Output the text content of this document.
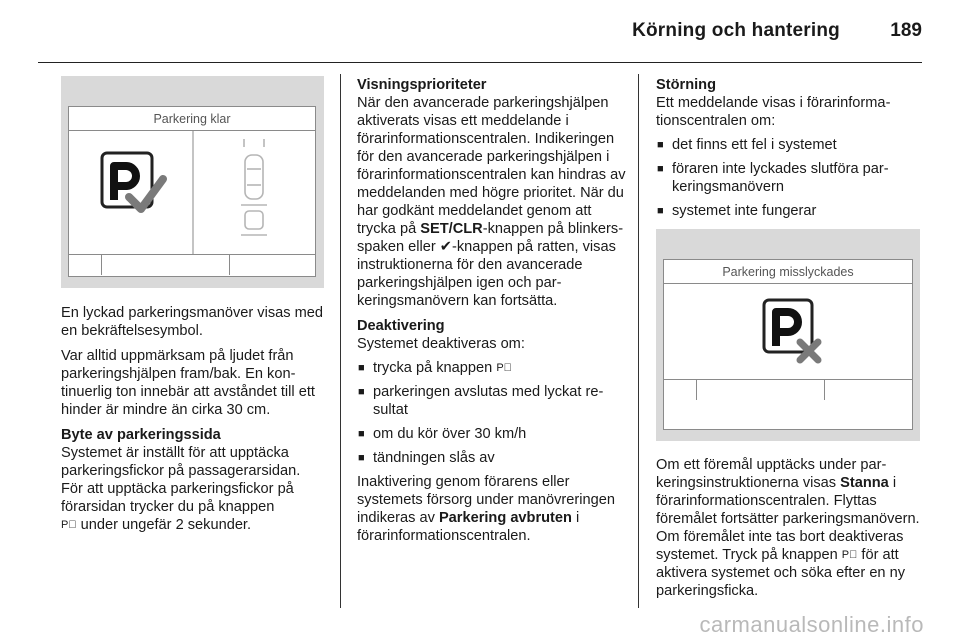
Körning och hantering	189
Parkering klar

En lyckad parkeringsmanöver visas med en bekräftelsesymbol.

Var alltid uppmärksam på ljudet från parkeringshjälpen fram/bak. En kontinuerlig ton innebär att avståndet till ett hinder är mindre än cirka 30 cm.

Byte av parkeringssida

Systemet är inställt för att upptäcka parkeringsfickor på passagerarsidan. För att upptäcka parkeringsfickor på förarsidan trycker du på knappen
P⃞ under ungefär 2 sekunder.

Visningsprioriteter

När den avancerade parkeringshjälpen aktiverats visas ett meddelande i förarinformationscentralen. Indikeringen för den avancerade parkeringshjälpen i förarinformationscentralen kan hindras av meddelanden med högre prioritet. När du har godkänt meddelandet genom att trycka på SET/CLR-knappen på blinkersspaken eller ✔-knappen på ratten, visas instruktionerna för den avancerade parkeringshjälpen igen och parkeringsmanövern kan fortsätta.

Deaktivering

Systemet deaktiveras om:

■ trycka på knappen P⃞
■ parkeringen avslutas med lyckat resultat
■ om du kör över 30 km/h
■ tändningen slås av

Inaktivering genom förarens eller systemets försorg under manövreringen indikeras av Parkering avbruten i förarinformationscentralen.

Störning

Ett meddelande visas i förarinformationscentralen om:

■ det finns ett fel i systemet
■ föraren inte lyckades slutföra parkeringsmanövern
■ systemet inte fungerar
Parkering misslyckades

Om ett föremål upptäcks under parkeringsinstruktionerna visas Stanna i förarinformationscentralen. Flyttas föremålet fortsätter parkeringsmanövern. Om föremålet inte tas bort deaktiveras systemet. Tryck på knappen P⃞ för att aktivera systemet och söka efter en ny parkeringsficka.

carmanualsonline.info
